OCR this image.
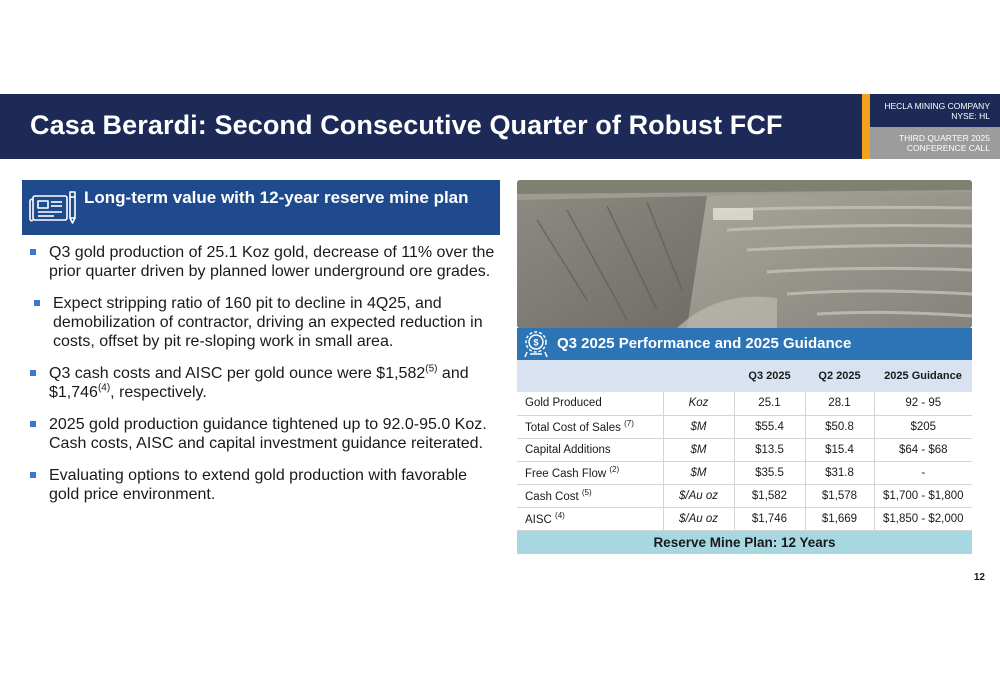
Casa Berardi: Second Consecutive Quarter of Robust FCF
HECLA MINING COMPANY
NYSE: HL
THIRD QUARTER 2025
CONFERENCE CALL
Long-term value with 12-year reserve mine plan
Q3 gold production of 25.1 Koz gold, decrease of 11% over the prior quarter driven by planned lower underground ore grades.
Expect stripping ratio of 160 pit to decline in 4Q25, and demobilization of contractor, driving an expected reduction in costs, offset by pit re-sloping work in small area.
Q3 cash costs and AISC per gold ounce were $1,582$^{(5)}$ and $1,746$^{(4)}$, respectively.
2025 gold production guidance tightened up to 92.0-95.0 Koz. Cash costs, AISC and capital investment guidance reiterated.
Evaluating options to extend gold production with favorable gold price environment.
$ Q3 2025 Performance and 2025 Guidance
		Q3 2025	Q2 2025	2025 Guidance
Gold Produced	Koz	25.1	28.1	92 - 95
Total Cost of Sales $^{(7)}$	$M	$55.4	$50.8	$205
Capital Additions	$M	$13.5	$15.4	$64 - $68
Free Cash Flow $^{(2)}$	$M	$35.5	$31.8	-
Cash Cost $^{(5)}$	$/Au oz	$1,582	$1,578	$1,700 - $1,800
AISC $^{(4)}$	$/Au oz	$1,746	$1,669	$1,850 - $2,000
Reserve Mine Plan: 12 Years				
12
